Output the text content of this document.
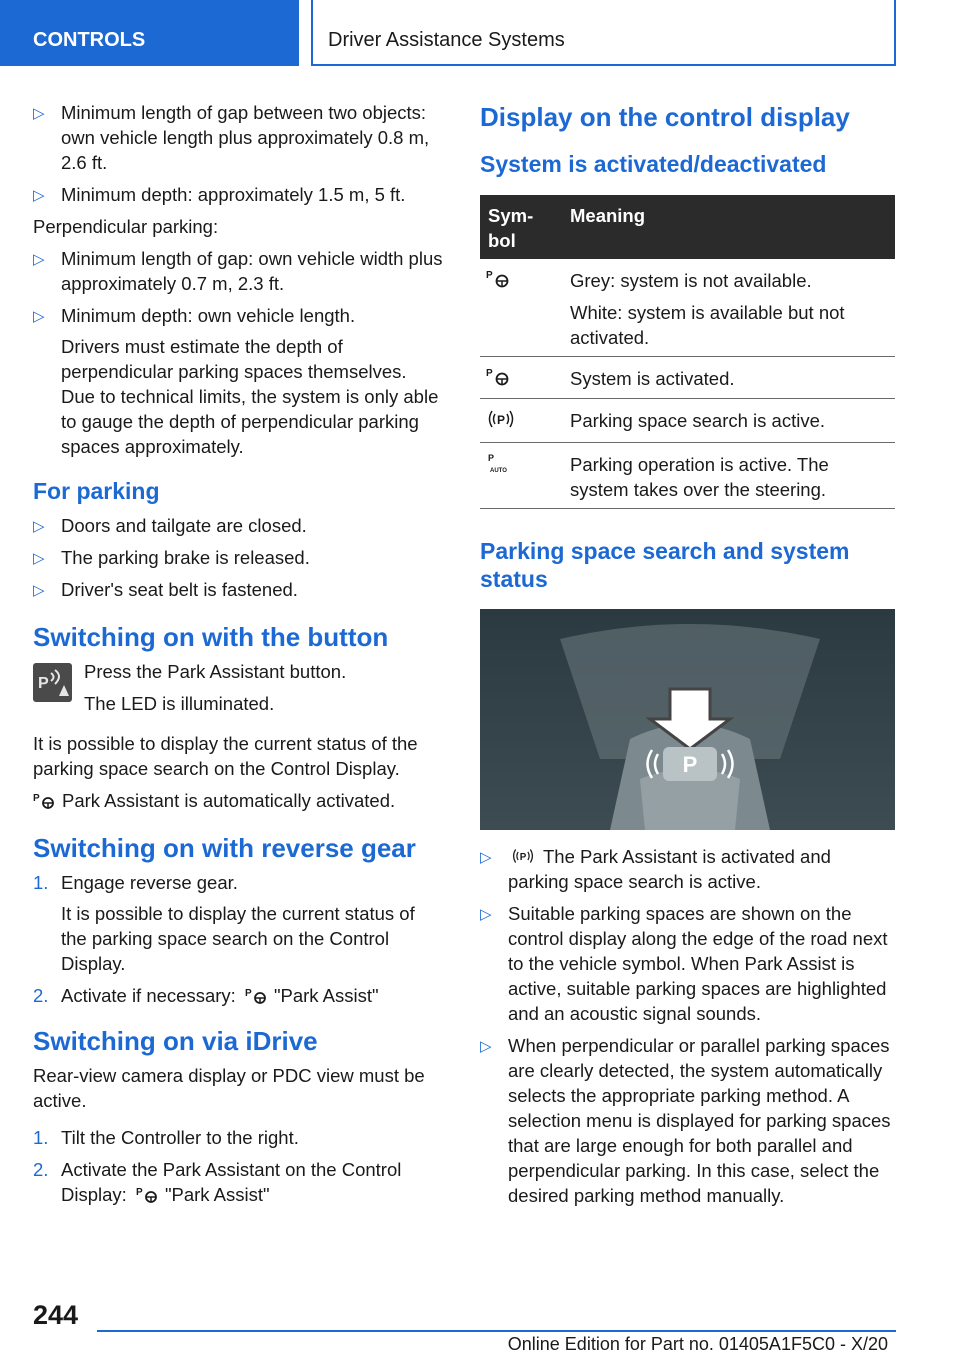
CONTROLS	Driver Assistance Systems
▷ Minimum length of gap between two objects: own vehicle length plus approximately 0.8 m, 2.6 ft.
▷ Minimum depth: approximately 1.5 m, 5 ft.
Perpendicular parking:
▷ Minimum length of gap: own vehicle width plus approximately 0.7 m, 2.3 ft.
▷ Minimum depth: own vehicle length.
Drivers must estimate the depth of perpendicular parking spaces themselves. Due to technical limits, the system is only able to gauge the depth of perpendicular parking spaces approximately.
For parking
▷ Doors and tailgate are closed.
▷ The parking brake is released.
▷ Driver's seat belt is fastened.
Switching on with the button
P
Press the Park Assistant button.
The LED is illuminated.
It is possible to display the current status of the parking space search on the Control Display.
P Park Assistant is automatically activated.
Switching on with reverse gear
1. Engage reverse gear.
It is possible to display the current status of the parking space search on the Control Display.
2. Activate if necessary: P "Park Assist"
Switching on via iDrive
Rear-view camera display or PDC view must be active.
1. Tilt the Controller to the right.
2. Activate the Park Assistant on the Control Display: P "Park Assist"
Display on the control display
System is activated/deactivated
Symbol	Meaning

P	Grey: system is not available.

White: system is available but not activated.

P	System is activated.

P	Parking space search is active.

P
AUTO	Parking operation is active. The system takes over the steering.

Parking space search and system status
P
▷ P The Park Assistant is activated and parking space search is active.
▷ Suitable parking spaces are shown on the control display along the edge of the road next to the vehicle symbol. When Park Assist is active, suitable parking spaces are highlighted and an acoustic signal sounds.
▷ When perpendicular or parallel parking spaces are clearly detected, the system automatically selects the appropriate parking method. A selection menu is displayed for parking spaces that are large enough for both parallel and perpendicular parking. In this case, select the desired parking method manually.
244
Online Edition for Part no. 01405A1F5C0 - X/20
